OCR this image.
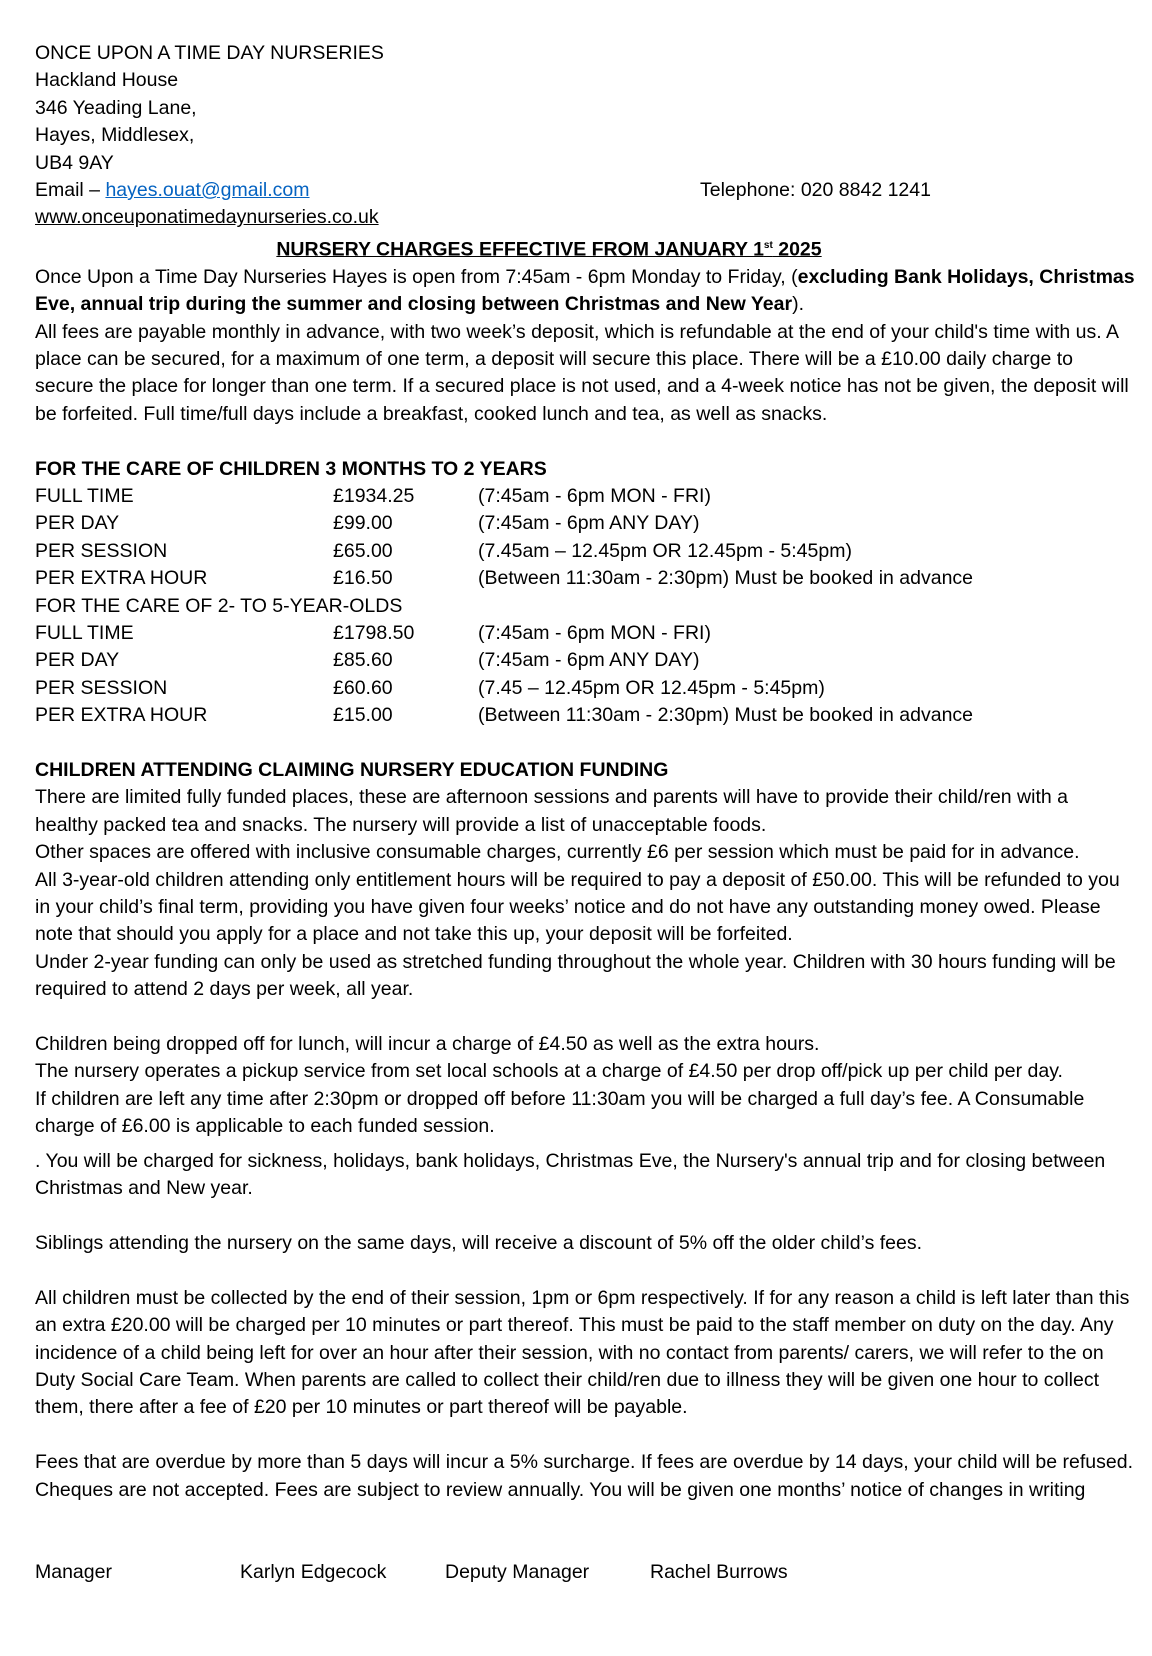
ONCE UPON A TIME DAY NURSERIES
Hackland House
346 Yeading Lane,
Hayes, Middlesex,
UB4 9AY
Email – hayes.ouat@gmail.com	Telephone: 020 8842 1241
www.onceuponatimedaynurseries.co.uk
NURSERY CHARGES EFFECTIVE FROM JANUARY 1st 2025
Once Upon a Time Day Nurseries Hayes is open from 7:45am - 6pm Monday to Friday, (excluding Bank Holidays, Christmas Eve, annual trip during the summer and closing between Christmas and New Year).
All fees are payable monthly in advance, with two week’s deposit, which is refundable at the end of your child's time with us. A place can be secured, for a maximum of one term, a deposit will secure this place. There will be a £10.00 daily charge to secure the place for longer than one term. If a secured place is not used, and a 4-week notice has not be given, the deposit will be forfeited. Full time/full days include a breakfast, cooked lunch and tea, as well as snacks.
FOR THE CARE OF CHILDREN 3 MONTHS TO 2 YEARS
FULL TIME	£1934.25	(7:45am - 6pm MON - FRI)
PER DAY	£99.00	(7:45am - 6pm ANY DAY)
PER SESSION	£65.00	(7.45am – 12.45pm OR 12.45pm - 5:45pm)
PER EXTRA HOUR	£16.50	(Between 11:30am - 2:30pm) Must be booked in advance
FOR THE CARE OF 2- TO 5-YEAR-OLDS
FULL TIME	£1798.50	(7:45am - 6pm MON - FRI)
PER DAY	£85.60	(7:45am - 6pm ANY DAY)
PER SESSION	£60.60	(7.45 – 12.45pm OR 12.45pm - 5:45pm)
PER EXTRA HOUR	£15.00	(Between 11:30am - 2:30pm) Must be booked in advance
CHILDREN ATTENDING CLAIMING NURSERY EDUCATION FUNDING
There are limited fully funded places, these are afternoon sessions and parents will have to provide their child/ren with a healthy packed tea and snacks. The nursery will provide a list of unacceptable foods.
Other spaces are offered with inclusive consumable charges, currently £6 per session which must be paid for in advance.
All 3-year-old children attending only entitlement hours will be required to pay a deposit of £50.00. This will be refunded to you in your child’s final term, providing you have given four weeks’ notice and do not have any outstanding money owed. Please note that should you apply for a place and not take this up, your deposit will be forfeited.
Under 2-year funding can only be used as stretched funding throughout the whole year. Children with 30 hours funding will be required to attend 2 days per week, all year.
Children being dropped off for lunch, will incur a charge of £4.50 as well as the extra hours.
The nursery operates a pickup service from set local schools at a charge of £4.50 per drop off/pick up per child per day.
If children are left any time after 2:30pm or dropped off before 11:30am you will be charged a full day’s fee. A Consumable charge of £6.00 is applicable to each funded session.
. You will be charged for sickness, holidays, bank holidays, Christmas Eve, the Nursery's annual trip and for closing between Christmas and New year.
Siblings attending the nursery on the same days, will receive a discount of 5% off the older child’s fees.
All children must be collected by the end of their session, 1pm or 6pm respectively. If for any reason a child is left later than this an extra £20.00 will be charged per 10 minutes or part thereof. This must be paid to the staff member on duty on the day. Any incidence of a child being left for over an hour after their session, with no contact from parents/ carers, we will refer to the on Duty Social Care Team. When parents are called to collect their child/ren due to illness they will be given one hour to collect them, there after a fee of £20 per 10 minutes or part thereof will be payable.
Fees that are overdue by more than 5 days will incur a 5% surcharge. If fees are overdue by 14 days, your child will be refused. Cheques are not accepted. Fees are subject to review annually. You will be given one months’ notice of changes in writing
Manager	Karlyn Edgecock	Deputy Manager	Rachel Burrows
